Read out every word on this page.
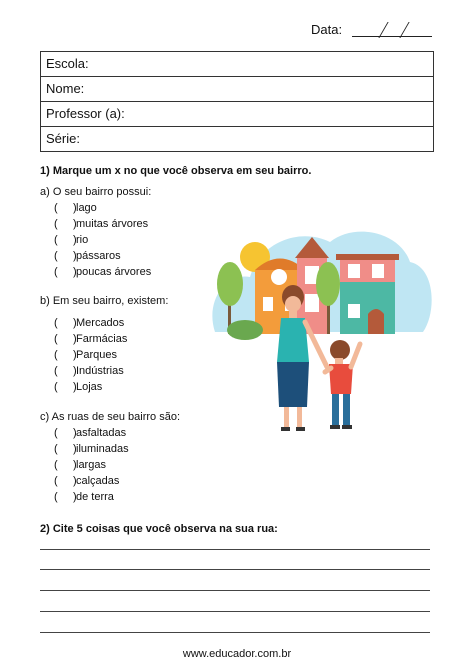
Data:
Escola:
Nome:
Professor (a):
Série:
1) Marque um x no que você observa em seu bairro.
a) O seu bairro possui:
(     )lago
(     )muitas árvores
(     )rio
(     )pássaros
(     )poucas árvores
b) Em seu bairro, existem:
(     )Mercados
(     )Farmácias
(     )Parques
(     )Indústrias
(     )Lojas
c) As ruas de seu bairro são:
(     )asfaltadas
(     )iluminadas
(     )largas
(     )calçadas
(     )de terra
2) Cite 5 coisas que você observa na sua rua:
www.educador.com.br
